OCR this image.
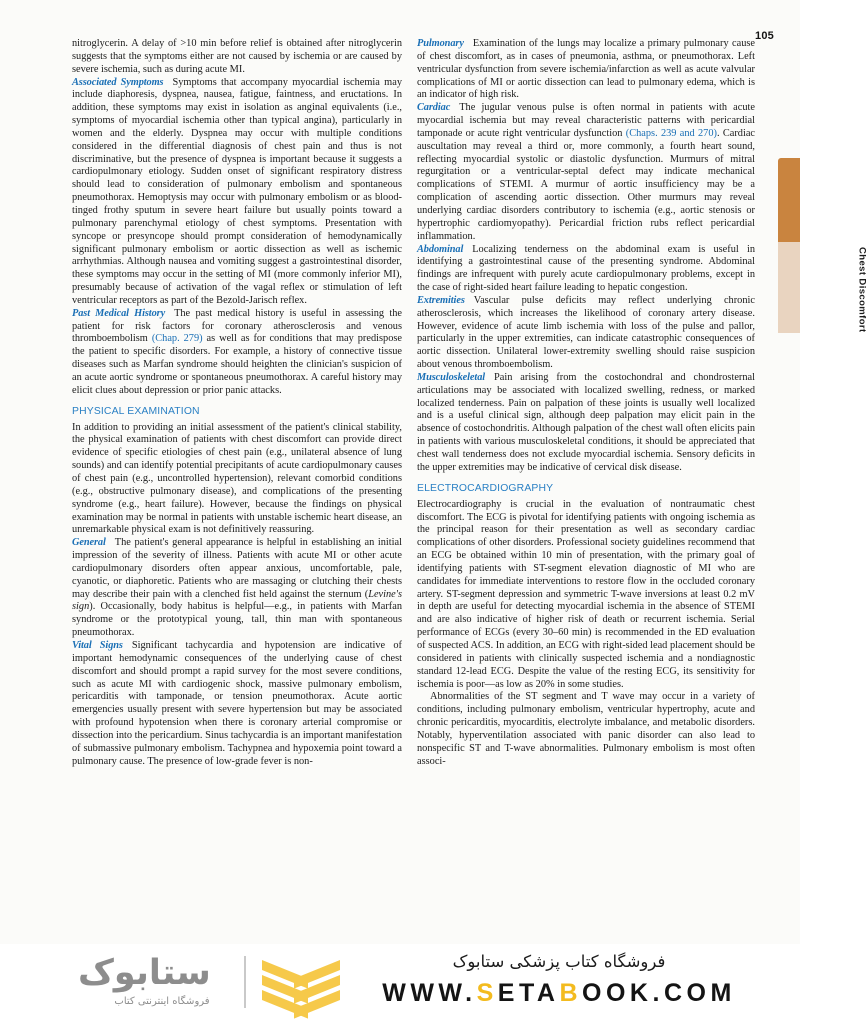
105
CHAPTER 14
Chest Discomfort

nitroglycerin. A delay of >10 min before relief is obtained after nitroglycerin suggests that the symptoms either are not caused by ischemia or are caused by severe ischemia, such as during acute MI.

Associated Symptoms Symptoms that accompany myocardial ischemia may include diaphoresis, dyspnea, nausea, fatigue, faintness, and eructations. In addition, these symptoms may exist in isolation as anginal equivalents (i.e., symptoms of myocardial ischemia other than typical angina), particularly in women and the elderly. Dyspnea may occur with multiple conditions considered in the differential diagnosis of chest pain and thus is not discriminative, but the presence of dyspnea is important because it suggests a cardiopulmonary etiology. Sudden onset of significant respiratory distress should lead to consideration of pulmonary embolism and spontaneous pneumothorax. Hemoptysis may occur with pulmonary embolism or as blood-tinged frothy sputum in severe heart failure but usually points toward a pulmonary parenchymal etiology of chest symptoms. Presentation with syncope or presyncope should prompt consideration of hemodynamically significant pulmonary embolism or aortic dissection as well as ischemic arrhythmias. Although nausea and vomiting suggest a gastrointestinal disorder, these symptoms may occur in the setting of MI (more commonly inferior MI), presumably because of activation of the vagal reflex or stimulation of left ventricular receptors as part of the Bezold-Jarisch reflex.

Past Medical History The past medical history is useful in assessing the patient for risk factors for coronary atherosclerosis and venous thromboembolism (Chap. 279) as well as for conditions that may predispose the patient to specific disorders. For example, a history of connective tissue diseases such as Marfan syndrome should heighten the clinician's suspicion of an acute aortic syndrome or spontaneous pneumothorax. A careful history may elicit clues about depression or prior panic attacks.

PHYSICAL EXAMINATION

In addition to providing an initial assessment of the patient's clinical stability, the physical examination of patients with chest discomfort can provide direct evidence of specific etiologies of chest pain (e.g., unilateral absence of lung sounds) and can identify potential precipitants of acute cardiopulmonary causes of chest pain (e.g., uncontrolled hypertension), relevant comorbid conditions (e.g., obstructive pulmonary disease), and complications of the presenting syndrome (e.g., heart failure). However, because the findings on physical examination may be normal in patients with unstable ischemic heart disease, an unremarkable physical exam is not definitively reassuring.

General The patient's general appearance is helpful in establishing an initial impression of the severity of illness. Patients with acute MI or other acute cardiopulmonary disorders often appear anxious, uncomfortable, pale, cyanotic, or diaphoretic. Patients who are massaging or clutching their chests may describe their pain with a clenched fist held against the sternum (Levine's sign). Occasionally, body habitus is helpful—e.g., in patients with Marfan syndrome or the prototypical young, tall, thin man with spontaneous pneumothorax.

Vital Signs Significant tachycardia and hypotension are indicative of important hemodynamic consequences of the underlying cause of chest discomfort and should prompt a rapid survey for the most severe conditions, such as acute MI with cardiogenic shock, massive pulmonary embolism, pericarditis with tamponade, or tension pneumothorax. Acute aortic emergencies usually present with severe hypertension but may be associated with profound hypotension when there is coronary arterial compromise or dissection into the pericardium. Sinus tachycardia is an important manifestation of submassive pulmonary embolism. Tachypnea and hypoxemia point toward a pulmonary cause. The presence of low-grade fever is non-

Pulmonary Examination of the lungs may localize a primary pulmonary cause of chest discomfort, as in cases of pneumonia, asthma, or pneumothorax. Left ventricular dysfunction from severe ischemia/infarction as well as acute valvular complications of MI or aortic dissection can lead to pulmonary edema, which is an indicator of high risk.

Cardiac The jugular venous pulse is often normal in patients with acute myocardial ischemia but may reveal characteristic patterns with pericardial tamponade or acute right ventricular dysfunction (Chaps. 239 and 270). Cardiac auscultation may reveal a third or, more commonly, a fourth heart sound, reflecting myocardial systolic or diastolic dysfunction. Murmurs of mitral regurgitation or a ventricular-septal defect may indicate mechanical complications of STEMI. A murmur of aortic insufficiency may be a complication of ascending aortic dissection. Other murmurs may reveal underlying cardiac disorders contributory to ischemia (e.g., aortic stenosis or hypertrophic cardiomyopathy). Pericardial friction rubs reflect pericardial inflammation.

Abdominal Localizing tenderness on the abdominal exam is useful in identifying a gastrointestinal cause of the presenting syndrome. Abdominal findings are infrequent with purely acute cardiopulmonary problems, except in the case of right-sided heart failure leading to hepatic congestion.

Extremities Vascular pulse deficits may reflect underlying chronic atherosclerosis, which increases the likelihood of coronary artery disease. However, evidence of acute limb ischemia with loss of the pulse and pallor, particularly in the upper extremities, can indicate catastrophic consequences of aortic dissection. Unilateral lower-extremity swelling should raise suspicion about venous thromboembolism.

Musculoskeletal Pain arising from the costochondral and chondrosternal articulations may be associated with localized swelling, redness, or marked localized tenderness. Pain on palpation of these joints is usually well localized and is a useful clinical sign, although deep palpation may elicit pain in the absence of costochondritis. Although palpation of the chest wall often elicits pain in patients with various musculoskeletal conditions, it should be appreciated that chest wall tenderness does not exclude myocardial ischemia. Sensory deficits in the upper extremities may be indicative of cervical disk disease.

ELECTROCARDIOGRAPHY

Electrocardiography is crucial in the evaluation of nontraumatic chest discomfort. The ECG is pivotal for identifying patients with ongoing ischemia as the principal reason for their presentation as well as secondary cardiac complications of other disorders. Professional society guidelines recommend that an ECG be obtained within 10 min of presentation, with the primary goal of identifying patients with ST-segment elevation diagnostic of MI who are candidates for immediate interventions to restore flow in the occluded coronary artery. ST-segment depression and symmetric T-wave inversions at least 0.2 mV in depth are useful for detecting myocardial ischemia in the absence of STEMI and are also indicative of higher risk of death or recurrent ischemia. Serial performance of ECGs (every 30–60 min) is recommended in the ED evaluation of suspected ACS. In addition, an ECG with right-sided lead placement should be considered in patients with clinically suspected ischemia and a nondiagnostic standard 12-lead ECG. Despite the value of the resting ECG, its sensitivity for ischemia is poor—as low as 20% in some studies.

Abnormalities of the ST segment and T wave may occur in a variety of conditions, including pulmonary embolism, ventricular hypertrophy, acute and chronic pericarditis, myocarditis, electrolyte imbalance, and metabolic disorders. Notably, hyperventilation associated with panic disorder can also lead to nonspecific ST and T-wave abnormalities. Pulmonary embolism is most often associ-

ستابوک
فروشگاه اینترنتی کتاب
فروشگاه کتاب پزشکی ستابوک
WWW.SETABOOK.COM
